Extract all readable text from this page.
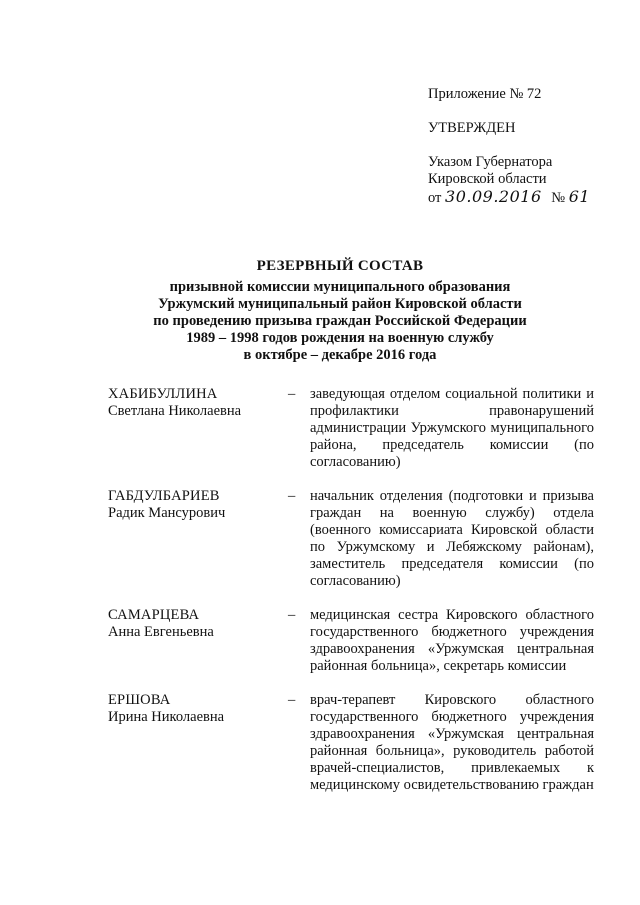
Приложение № 72
УТВЕРЖДЕН
Указом Губернатора
Кировской области
от 30.09.2016 № 61
РЕЗЕРВНЫЙ СОСТАВ
призывной комиссии муниципального образования
Уржумский муниципальный район Кировской области
по проведению призыва граждан Российской Федерации
1989 – 1998 годов рождения на военную службу
в октябре – декабре 2016 года
ХАБИБУЛЛИНА
Светлана Николаевна
–	заведующая отделом социальной политики и профилактики правонарушений администрации Уржумского муниципального района, председатель комиссии (по согласованию)
ГАБДУЛБАРИЕВ
Радик Мансурович
–	начальник отделения (подготовки и призыва граждан на военную службу) отдела (военного комиссариата Кировской области по Уржумскому и Лебяжскому районам), заместитель председателя комиссии (по согласованию)
САМАРЦЕВА
Анна Евгеньевна
–	медицинская сестра Кировского областного государственного бюджетного учреждения здравоохранения «Уржумская центральная районная больница», секретарь комиссии
ЕРШОВА
Ирина Николаевна
–	врач-терапевт Кировского областного государственного бюджетного учреждения здравоохранения «Уржумская центральная районная больница», руководитель работой врачей-специалистов, привлекаемых к медицинскому освидетельствованию граждан
